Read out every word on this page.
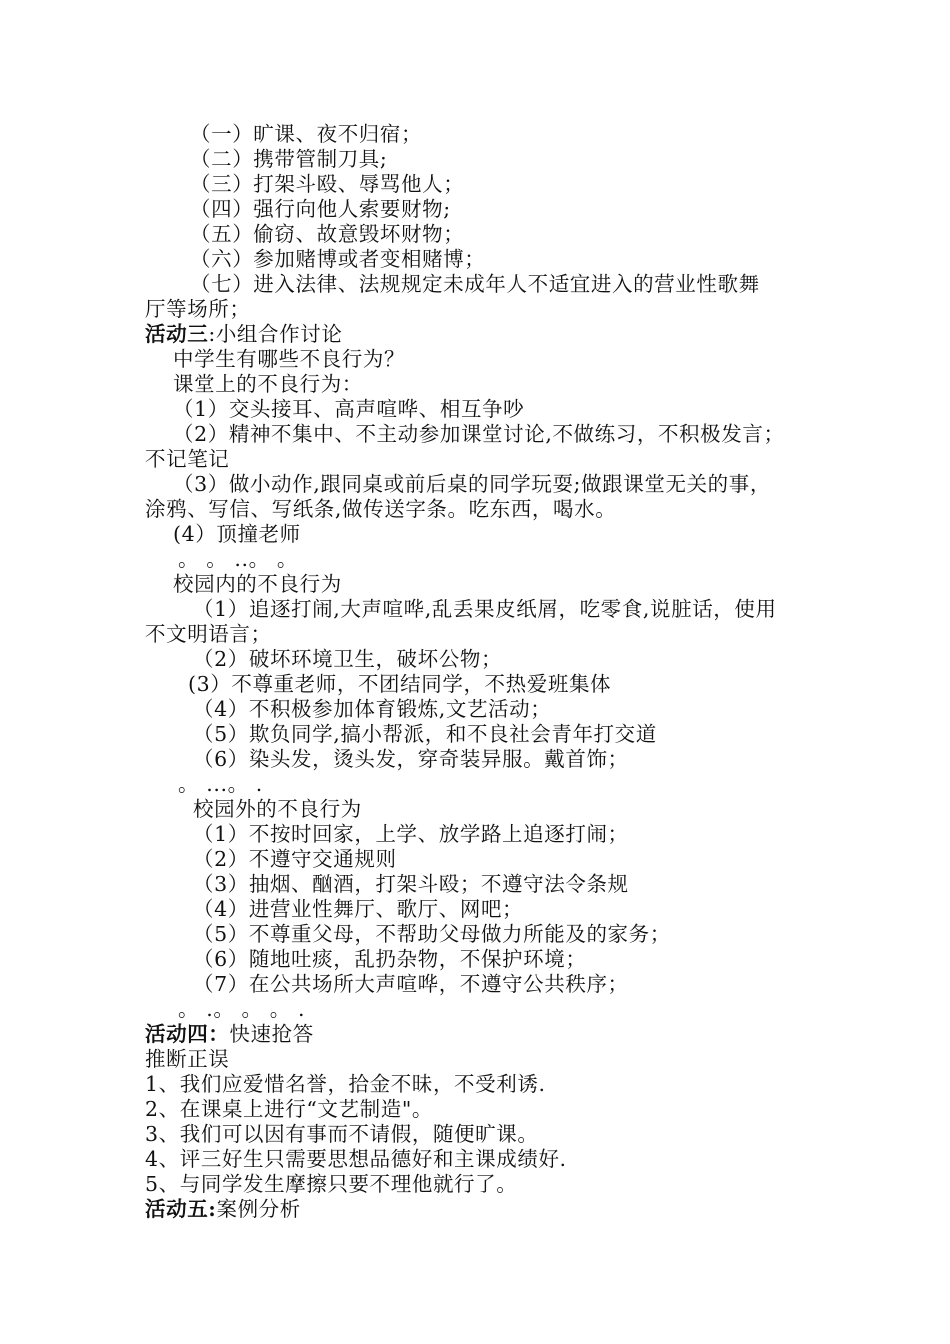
（一）旷课、夜不归宿；
（二）携带管制刀具;
（三）打架斗殴、辱骂他人；
（四）强行向他人索要财物;
（五）偷窃、故意毁坏财物；
（六）参加赌博或者变相赌博；
（七）进入法律、法规规定未成年人不适宜进入的营业性歌舞
厅等场所；
活动三:小组合作讨论
中学生有哪些不良行为？
课堂上的不良行为：
（1）交头接耳、高声喧哗、相互争吵
（2）精神不集中、不主动参加课堂讨论,不做练习，不积极发言；
不记笔记
（3）做小动作,跟同桌或前后桌的同学玩耍;做跟课堂无关的事，
涂鸦、写信、写纸条,做传送字条。吃东西，喝水。
(4）顶撞老师
。 。 ..。 。
校园内的不良行为
（1）追逐打闹,大声喧哗,乱丢果皮纸屑，吃零食,说脏话，使用
不文明语言；
（2）破坏环境卫生，破坏公物；
(3）不尊重老师，不团结同学，不热爱班集体
（4）不积极参加体育锻炼,文艺活动；
（5）欺负同学,搞小帮派，和不良社会青年打交道
（6）染头发，烫头发，穿奇装异服。戴首饰；
。 ...。 .
校园外的不良行为
（1）不按时回家，上学、放学路上追逐打闹；
（2）不遵守交通规则
（3）抽烟、酗酒，打架斗殴；不遵守法令条规
（4）进营业性舞厅、歌厅、网吧；
（5）不尊重父母，不帮助父母做力所能及的家务；
（6）随地吐痰，乱扔杂物，不保护环境；
（7）在公共场所大声喧哗，不遵守公共秩序；
。 .。 。 。 .
活动四：快速抢答
推断正误
1、我们应爱惜名誉，拾金不昧，不受利诱.
2、在课桌上进行“文艺制造"。
3、我们可以因有事而不请假，随便旷课。
4、评三好生只需要思想品德好和主课成绩好.
5、与同学发生摩擦只要不理他就行了。
活动五:案例分析
